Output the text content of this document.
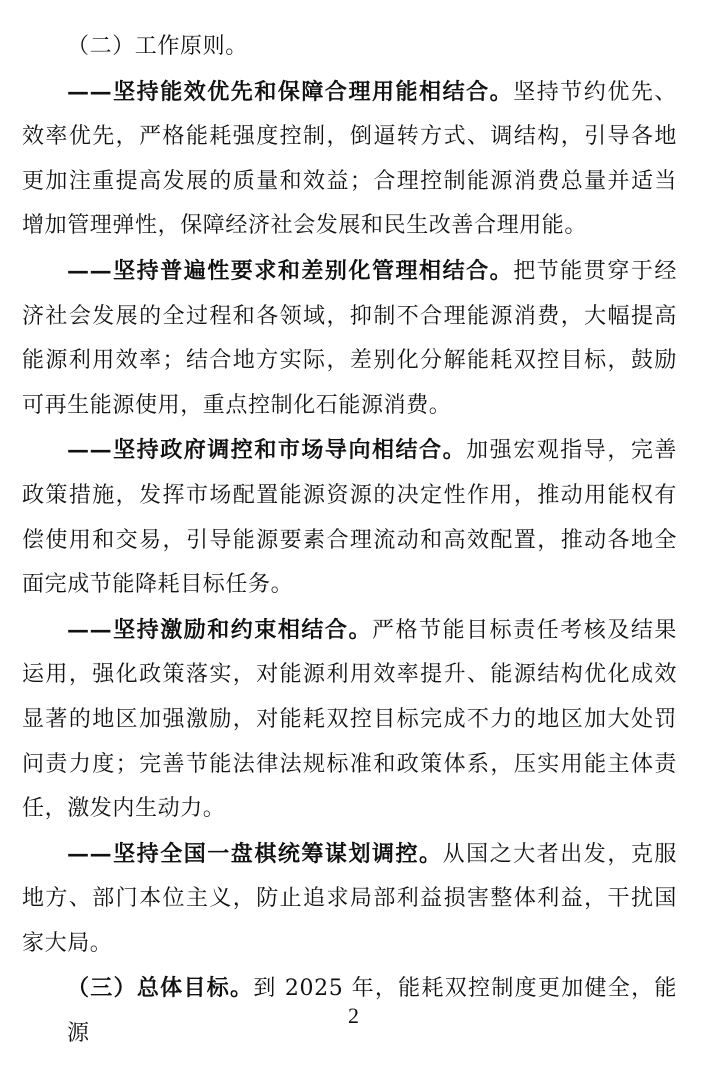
（二）工作原则。

——坚持能效优先和保障合理用能相结合。坚持节约优先、效率优先，严格能耗强度控制，倒逼转方式、调结构，引导各地更加注重提高发展的质量和效益；合理控制能源消费总量并适当增加管理弹性，保障经济社会发展和民生改善合理用能。

——坚持普遍性要求和差别化管理相结合。把节能贯穿于经济社会发展的全过程和各领域，抑制不合理能源消费，大幅提高能源利用效率；结合地方实际，差别化分解能耗双控目标，鼓励可再生能源使用，重点控制化石能源消费。

——坚持政府调控和市场导向相结合。加强宏观指导，完善政策措施，发挥市场配置能源资源的决定性作用，推动用能权有偿使用和交易，引导能源要素合理流动和高效配置，推动各地全面完成节能降耗目标任务。

——坚持激励和约束相结合。严格节能目标责任考核及结果运用，强化政策落实，对能源利用效率提升、能源结构优化成效显著的地区加强激励，对能耗双控目标完成不力的地区加大处罚问责力度；完善节能法律法规标准和政策体系，压实用能主体责任，激发内生动力。

——坚持全国一盘棋统筹谋划调控。从国之大者出发，克服地方、部门本位主义，防止追求局部利益损害整体利益，干扰国家大局。

（三）总体目标。到 2025 年，能耗双控制度更加健全，能源

2
